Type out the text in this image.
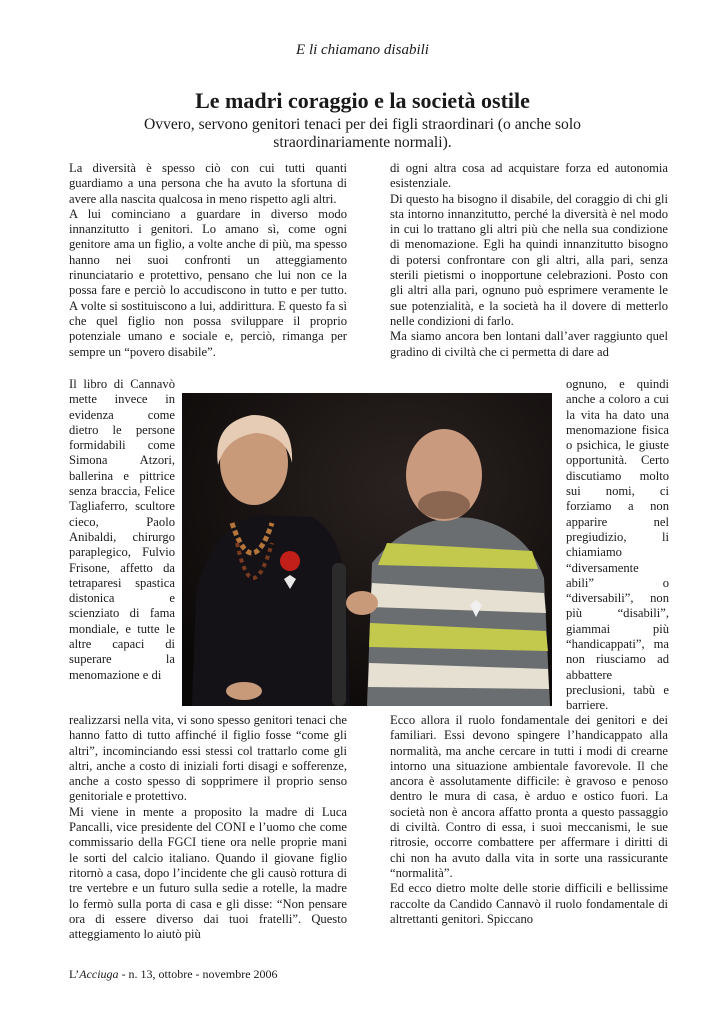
E li chiamano disabili
Le madri coraggio e la società ostile
Ovvero, servono genitori tenaci per dei figli straordinari (o anche solo straordinariamente normali).

La diversità è spesso ciò con cui tutti quanti guardiamo a una persona che ha avuto la sfortuna di avere alla nascita qualcosa in meno rispetto agli altri.

A lui cominciano a guardare in diverso modo innanzitutto i genitori. Lo amano sì, come ogni genitore ama un figlio, a volte anche di più, ma spesso hanno nei suoi confronti un atteggiamento rinunciatario e protettivo, pensano che lui non ce la possa fare e perciò lo accudiscono in tutto e per tutto. A volte si sostituiscono a lui, addirittura. E questo fa sì che quel figlio non possa sviluppare il proprio potenziale umano e sociale e, perciò, rimanga per sempre un “povero disabile”.

di ogni altra cosa ad acquistare forza ed autonomia esistenziale.

Di questo ha bisogno il disabile, del coraggio di chi gli sta intorno innanzitutto, perché la diversità è nel modo in cui lo trattano gli altri più che nella sua condizione di menomazione. Egli ha quindi innanzitutto bisogno di potersi confrontare con gli altri, alla pari, senza sterili pietismi o inopportune celebrazioni. Posto con gli altri alla pari, ognuno può esprimere veramente le sue potenzialità, e la società ha il dovere di metterlo nelle condizioni di farlo.

Ma siamo ancora ben lontani dall’aver raggiunto quel gradino di civiltà che ci permetta di dare ad

Il libro di Cannavò mette invece in evidenza come dietro le persone formidabili come Simona Atzori, ballerina e pittrice senza braccia, Felice Tagliaferro, scultore cieco, Paolo Anibaldi, chirurgo paraplegico, Fulvio Frisone, affetto da tetraparesi spastica distonica e scienziato di fama mondiale, e tutte le altre capaci di superare la menomazione e di

ognuno, e quindi anche a coloro a cui la vita ha dato una menomazione fisica o psichica, le giuste opportunità. Certo discutiamo molto sui nomi, ci forziamo a non apparire nel pregiudizio, li chiamiamo “diversamente abili” o “diversabili”, non più “disabili”, giammai più “handicappati”, ma non riusciamo ad abbattere preclusioni, tabù e barriere.

realizzarsi nella vita, vi sono spesso genitori tenaci che hanno fatto di tutto affinché il figlio fosse “come gli altri”, incominciando essi stessi col trattarlo come gli altri, anche a costo di iniziali forti disagi e sofferenze, anche a costo spesso di sopprimere il proprio senso genitoriale e protettivo.

Mi viene in mente a proposito la madre di Luca Pancalli, vice presidente del CONI e l’uomo che come commissario della FGCI tiene ora nelle proprie mani le sorti del calcio italiano. Quando il giovane figlio ritornò a casa, dopo l’incidente che gli causò rottura di tre vertebre e un futuro sulla sedie a rotelle, la madre lo fermò sulla porta di casa e gli disse: “Non pensare ora di essere diverso dai tuoi fratelli”. Questo atteggiamento lo aiutò più

Ecco allora il ruolo fondamentale dei genitori e dei familiari. Essi devono spingere l’handicappato alla normalità, ma anche cercare in tutti i modi di crearne intorno una situazione ambientale favorevole. Il che ancora è assolutamente difficile: è gravoso e penoso dentro le mura di casa, è arduo e ostico fuori. La società non è ancora affatto pronta a questo passaggio di civiltà. Contro di essa, i suoi meccanismi, le sue ritrosie, occorre combattere per affermare i diritti di chi non ha avuto dalla vita in sorte una rassicurante “normalità”.

Ed ecco dietro molte delle storie difficili e bellissime raccolte da Candido Cannavò il ruolo fondamentale di altrettanti genitori. Spiccano

L’Acciuga - n. 13, ottobre - novembre 2006
